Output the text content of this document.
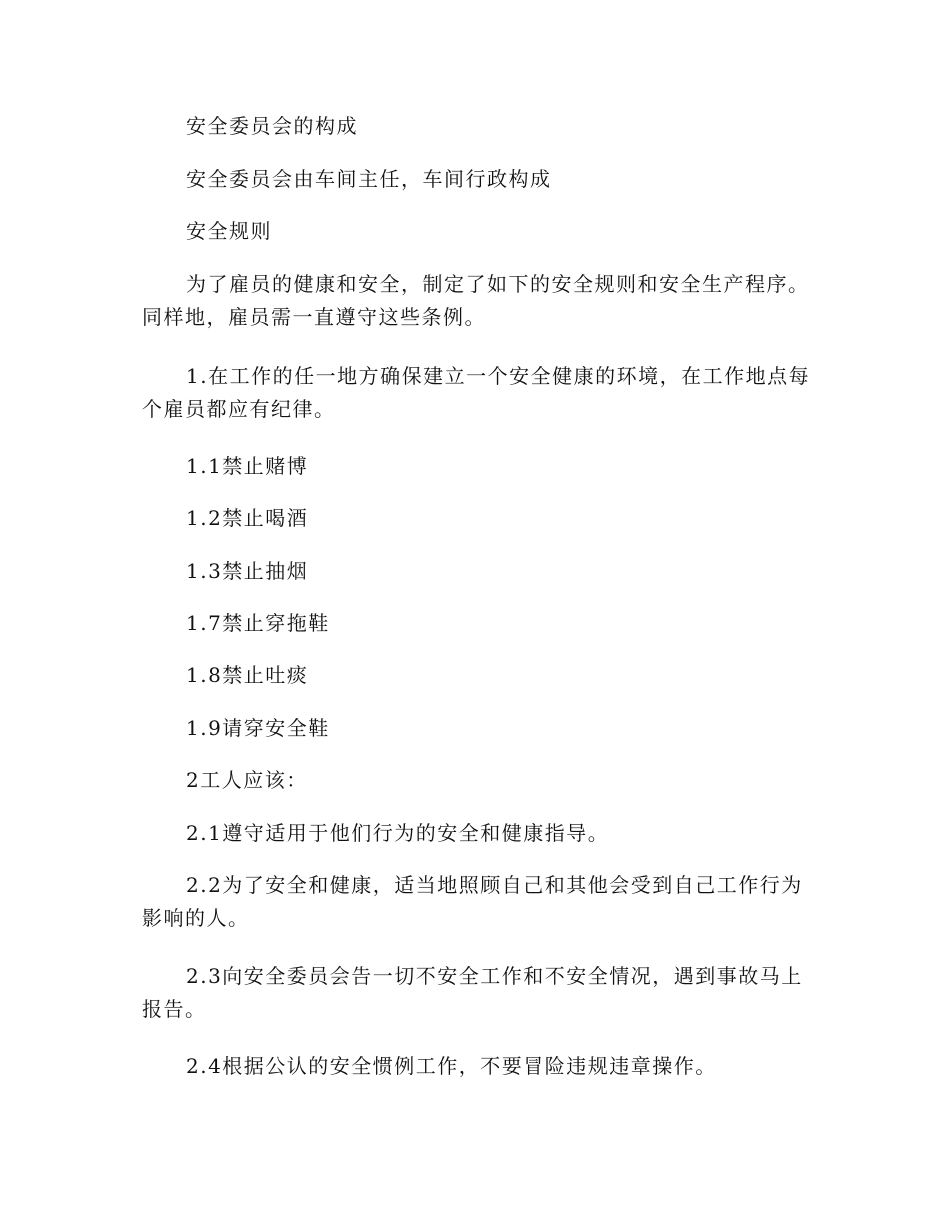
安全委员会的构成

安全委员会由车间主任，车间行政构成

安全规则

为了雇员的健康和安全，制定了如下的安全规则和安全生产程序。同样地，雇员需一直遵守这些条例。

1.在工作的任一地方确保建立一个安全健康的环境，在工作地点每个雇员都应有纪律。

1.1禁止赌博

1.2禁止喝酒

1.3禁止抽烟

1.7禁止穿拖鞋

1.8禁止吐痰

1.9请穿安全鞋

2工人应该：

2.1遵守适用于他们行为的安全和健康指导。

2.2为了安全和健康，适当地照顾自己和其他会受到自己工作行为影响的人。

2.3向安全委员会告一切不安全工作和不安全情况，遇到事故马上报告。

2.4根据公认的安全惯例工作，不要冒险违规违章操作。
